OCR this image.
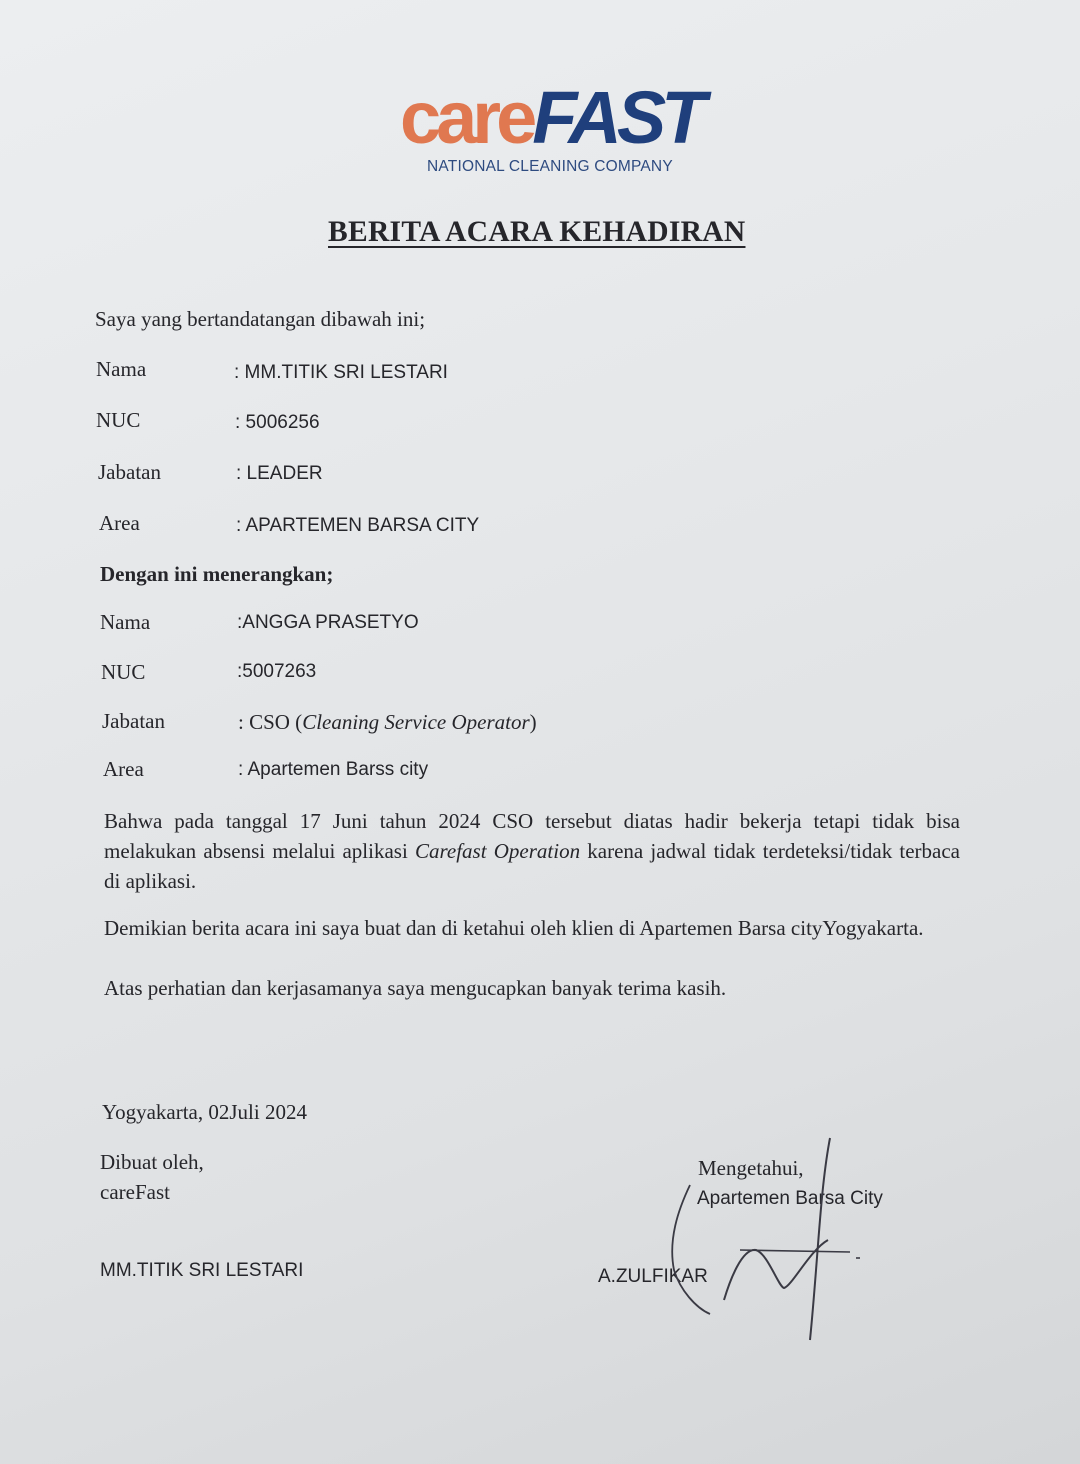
careFAST
NATIONAL CLEANING COMPANY
BERITA ACARA KEHADIRAN
Saya yang bertandatangan dibawah ini;
Nama	: MM.TITIK SRI LESTARI
NUC	: 5006256
Jabatan	: LEADER
Area	: APARTEMEN BARSA CITY
Dengan ini menerangkan;
Nama	:ANGGA PRASETYO
NUC	:5007263
Jabatan	: CSO (Cleaning Service Operator)
Area	: Apartemen Barss city
Bahwa pada tanggal 17 Juni tahun 2024 CSO tersebut diatas hadir bekerja tetapi tidak bisa melakukan absensi melalui aplikasi Carefast Operation karena jadwal tidak terdeteksi/tidak terbaca di aplikasi.
Demikian berita acara ini saya buat dan di ketahui oleh klien di Apartemen Barsa cityYogyakarta.
Atas perhatian dan kerjasamanya saya mengucapkan banyak terima kasih.
Yogyakarta, 02Juli 2024
Dibuat oleh,
careFast
MM.TITIK SRI LESTARI
Mengetahui,
Apartemen Barsa City
A.ZULFIKAR
